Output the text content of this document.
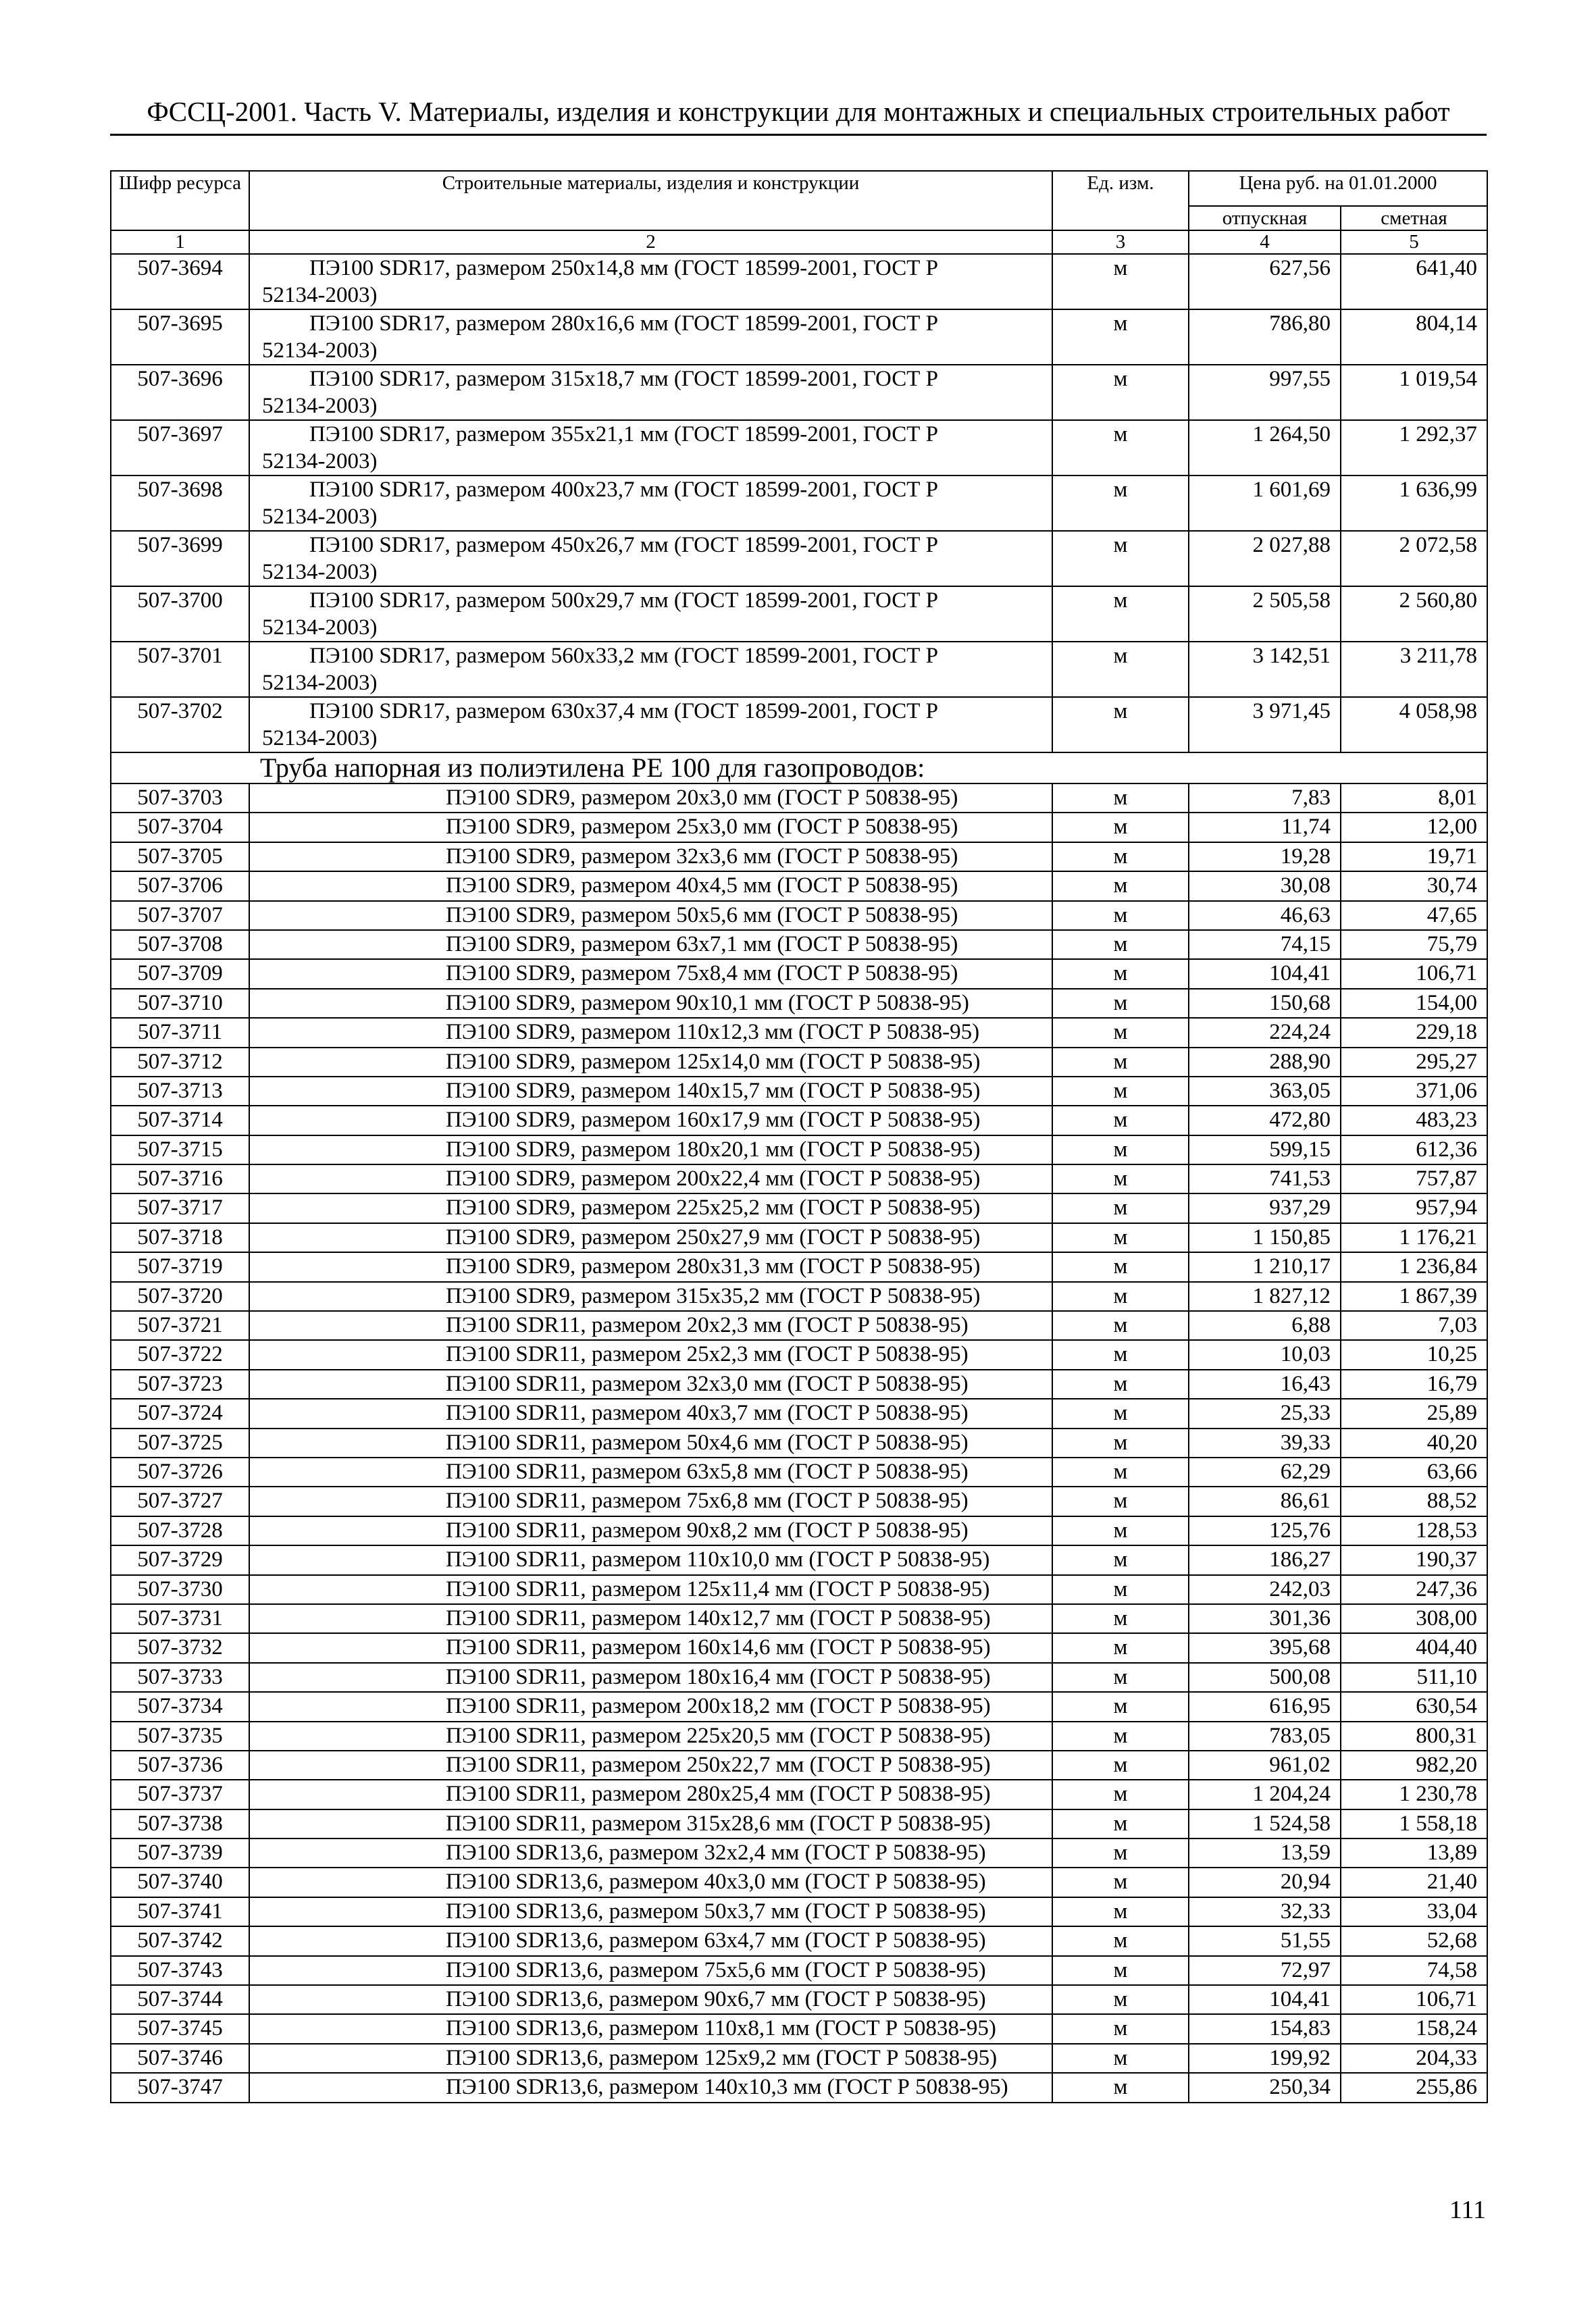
ФССЦ-2001. Часть V. Материалы, изделия и конструкции для монтажных и специальных строительных работ
Шифр ресурса	Строительные материалы, изделия и конструкции	Ед. изм.	Цена руб. на 01.01.2000	
			отпускная	сметная
1	2	3	4	5
507-3694	ПЭ100 SDR17, размером 250х14,8 мм (ГОСТ 18599-2001, ГОСТ Р
52134-2003)	м	627,56	641,40
507-3695	ПЭ100 SDR17, размером 280х16,6 мм (ГОСТ 18599-2001, ГОСТ Р
52134-2003)	м	786,80	804,14
507-3696	ПЭ100 SDR17, размером 315х18,7 мм (ГОСТ 18599-2001, ГОСТ Р
52134-2003)	м	997,55	1 019,54
507-3697	ПЭ100 SDR17, размером 355х21,1 мм (ГОСТ 18599-2001, ГОСТ Р
52134-2003)	м	1 264,50	1 292,37
507-3698	ПЭ100 SDR17, размером 400х23,7 мм (ГОСТ 18599-2001, ГОСТ Р
52134-2003)	м	1 601,69	1 636,99
507-3699	ПЭ100 SDR17, размером 450х26,7 мм (ГОСТ 18599-2001, ГОСТ Р
52134-2003)	м	2 027,88	2 072,58
507-3700	ПЭ100 SDR17, размером 500х29,7 мм (ГОСТ 18599-2001, ГОСТ Р
52134-2003)	м	2 505,58	2 560,80
507-3701	ПЭ100 SDR17, размером 560х33,2 мм (ГОСТ 18599-2001, ГОСТ Р
52134-2003)	м	3 142,51	3 211,78
507-3702	ПЭ100 SDR17, размером 630х37,4 мм (ГОСТ 18599-2001, ГОСТ Р
52134-2003)	м	3 971,45	4 058,98
Труба напорная из полиэтилена PE 100 для газопроводов:				
507-3703	ПЭ100 SDR9, размером 20х3,0 мм (ГОСТ Р 50838-95)	м	7,83	8,01
507-3704	ПЭ100 SDR9, размером 25х3,0 мм (ГОСТ Р 50838-95)	м	11,74	12,00
507-3705	ПЭ100 SDR9, размером 32х3,6 мм (ГОСТ Р 50838-95)	м	19,28	19,71
507-3706	ПЭ100 SDR9, размером 40х4,5 мм (ГОСТ Р 50838-95)	м	30,08	30,74
507-3707	ПЭ100 SDR9, размером 50х5,6 мм (ГОСТ Р 50838-95)	м	46,63	47,65
507-3708	ПЭ100 SDR9, размером 63х7,1 мм (ГОСТ Р 50838-95)	м	74,15	75,79
507-3709	ПЭ100 SDR9, размером 75х8,4 мм (ГОСТ Р 50838-95)	м	104,41	106,71
507-3710	ПЭ100 SDR9, размером 90х10,1 мм (ГОСТ Р 50838-95)	м	150,68	154,00
507-3711	ПЭ100 SDR9, размером 110х12,3 мм (ГОСТ Р 50838-95)	м	224,24	229,18
507-3712	ПЭ100 SDR9, размером 125х14,0 мм (ГОСТ Р 50838-95)	м	288,90	295,27
507-3713	ПЭ100 SDR9, размером 140х15,7 мм (ГОСТ Р 50838-95)	м	363,05	371,06
507-3714	ПЭ100 SDR9, размером 160х17,9 мм (ГОСТ Р 50838-95)	м	472,80	483,23
507-3715	ПЭ100 SDR9, размером 180х20,1 мм (ГОСТ Р 50838-95)	м	599,15	612,36
507-3716	ПЭ100 SDR9, размером 200х22,4 мм (ГОСТ Р 50838-95)	м	741,53	757,87
507-3717	ПЭ100 SDR9, размером 225х25,2 мм (ГОСТ Р 50838-95)	м	937,29	957,94
507-3718	ПЭ100 SDR9, размером 250х27,9 мм (ГОСТ Р 50838-95)	м	1 150,85	1 176,21
507-3719	ПЭ100 SDR9, размером 280х31,3 мм (ГОСТ Р 50838-95)	м	1 210,17	1 236,84
507-3720	ПЭ100 SDR9, размером 315х35,2 мм (ГОСТ Р 50838-95)	м	1 827,12	1 867,39
507-3721	ПЭ100 SDR11, размером 20х2,3 мм (ГОСТ Р 50838-95)	м	6,88	7,03
507-3722	ПЭ100 SDR11, размером 25х2,3 мм (ГОСТ Р 50838-95)	м	10,03	10,25
507-3723	ПЭ100 SDR11, размером 32х3,0 мм (ГОСТ Р 50838-95)	м	16,43	16,79
507-3724	ПЭ100 SDR11, размером 40х3,7 мм (ГОСТ Р 50838-95)	м	25,33	25,89
507-3725	ПЭ100 SDR11, размером 50х4,6 мм (ГОСТ Р 50838-95)	м	39,33	40,20
507-3726	ПЭ100 SDR11, размером 63х5,8 мм (ГОСТ Р 50838-95)	м	62,29	63,66
507-3727	ПЭ100 SDR11, размером 75х6,8 мм (ГОСТ Р 50838-95)	м	86,61	88,52
507-3728	ПЭ100 SDR11, размером 90х8,2 мм (ГОСТ Р 50838-95)	м	125,76	128,53
507-3729	ПЭ100 SDR11, размером 110х10,0 мм (ГОСТ Р 50838-95)	м	186,27	190,37
507-3730	ПЭ100 SDR11, размером 125х11,4 мм (ГОСТ Р 50838-95)	м	242,03	247,36
507-3731	ПЭ100 SDR11, размером 140х12,7 мм (ГОСТ Р 50838-95)	м	301,36	308,00
507-3732	ПЭ100 SDR11, размером 160х14,6 мм (ГОСТ Р 50838-95)	м	395,68	404,40
507-3733	ПЭ100 SDR11, размером 180х16,4 мм (ГОСТ Р 50838-95)	м	500,08	511,10
507-3734	ПЭ100 SDR11, размером 200х18,2 мм (ГОСТ Р 50838-95)	м	616,95	630,54
507-3735	ПЭ100 SDR11, размером 225х20,5 мм (ГОСТ Р 50838-95)	м	783,05	800,31
507-3736	ПЭ100 SDR11, размером 250х22,7 мм (ГОСТ Р 50838-95)	м	961,02	982,20
507-3737	ПЭ100 SDR11, размером 280х25,4 мм (ГОСТ Р 50838-95)	м	1 204,24	1 230,78
507-3738	ПЭ100 SDR11, размером 315х28,6 мм (ГОСТ Р 50838-95)	м	1 524,58	1 558,18
507-3739	ПЭ100 SDR13,6, размером 32х2,4 мм (ГОСТ Р 50838-95)	м	13,59	13,89
507-3740	ПЭ100 SDR13,6, размером 40х3,0 мм (ГОСТ Р 50838-95)	м	20,94	21,40
507-3741	ПЭ100 SDR13,6, размером 50х3,7 мм (ГОСТ Р 50838-95)	м	32,33	33,04
507-3742	ПЭ100 SDR13,6, размером 63х4,7 мм (ГОСТ Р 50838-95)	м	51,55	52,68
507-3743	ПЭ100 SDR13,6, размером 75х5,6 мм (ГОСТ Р 50838-95)	м	72,97	74,58
507-3744	ПЭ100 SDR13,6, размером 90х6,7 мм (ГОСТ Р 50838-95)	м	104,41	106,71
507-3745	ПЭ100 SDR13,6, размером 110х8,1 мм (ГОСТ Р 50838-95)	м	154,83	158,24
507-3746	ПЭ100 SDR13,6, размером 125х9,2 мм (ГОСТ Р 50838-95)	м	199,92	204,33
507-3747	ПЭ100 SDR13,6, размером 140х10,3 мм (ГОСТ Р 50838-95)	м	250,34	255,86
111
